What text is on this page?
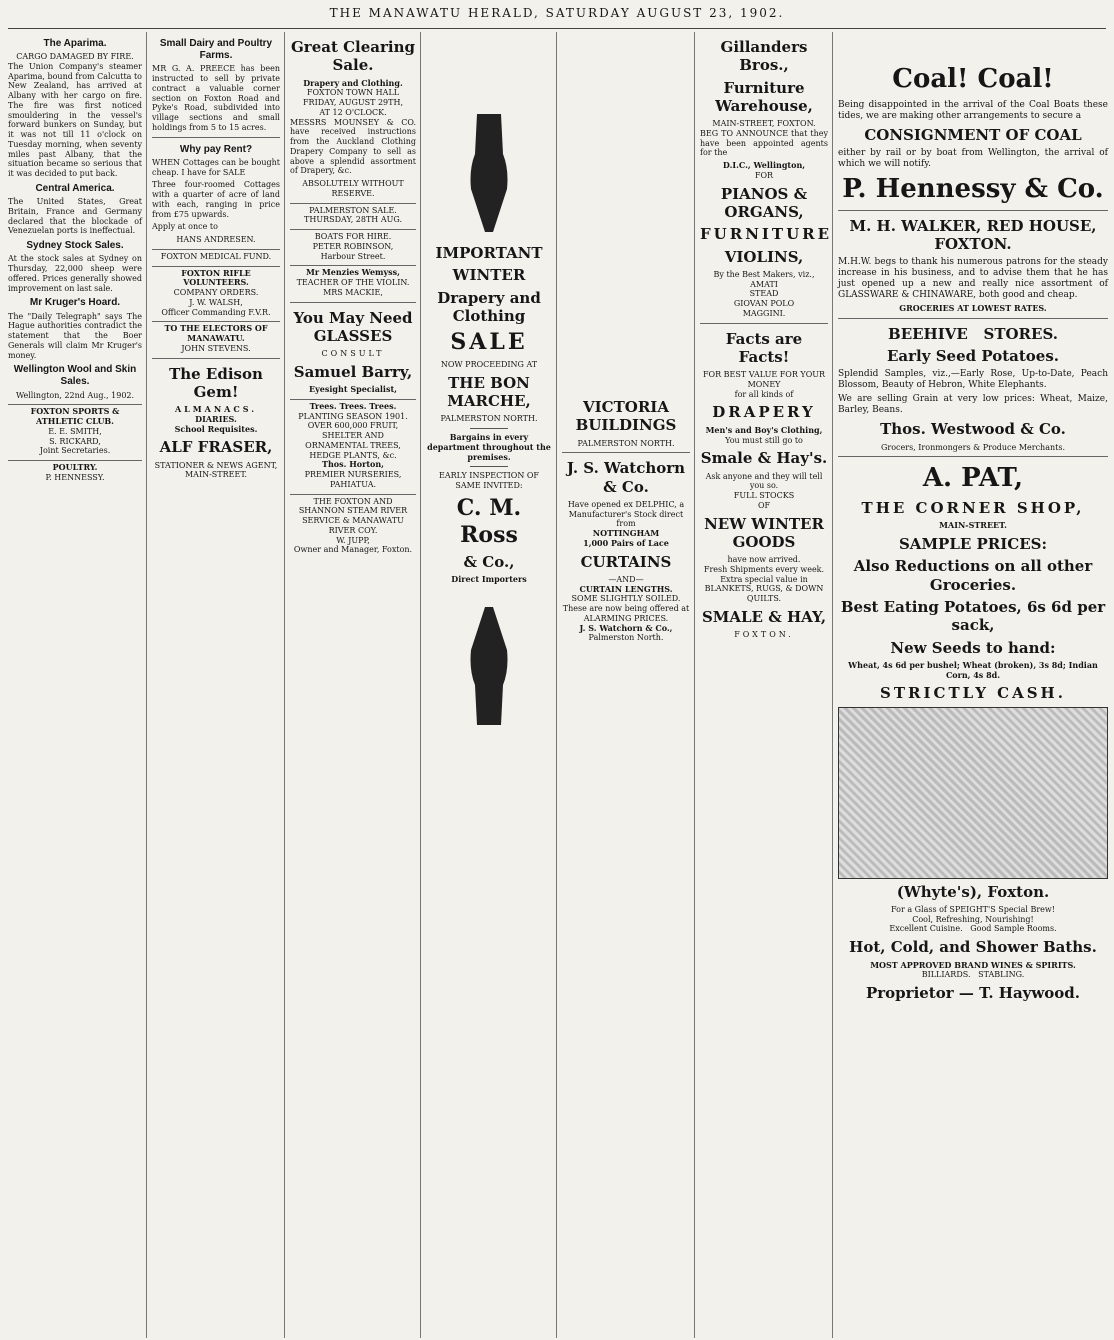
THE MANAWATU HERALD, SATURDAY AUGUST 23, 1902.
The Aparima.
CARGO DAMAGED BY FIRE.

The Union Company's steamer Aparima, bound from Calcutta to New Zealand, has arrived at Albany with her cargo on fire. The fire was first noticed smouldering in the vessel's forward bunkers on Sunday, but it was not till 11 o'clock on Tuesday morning, when seventy miles past Albany, that the situation became so serious that it was decided to put back.

Central America.

The United States, Great Britain, France and Germany declared that the blockade of Venezuelan ports is ineffectual.

Sydney Stock Sales.

At the stock sales at Sydney on Thursday, 22,000 sheep were offered. Prices generally showed improvement on last sale.

Mr Kruger's Hoard.

The "Daily Telegraph" says The Hague authorities contradict the statement that the Boer Generals will claim Mr Kruger's money.

Wellington Wool and Skin Sales.
Wellington, 22nd Aug., 1902.
FOXTON SPORTS & ATHLETIC CLUB.
E. E. SMITH,
S. RICKARD,
Joint Secretaries.
POULTRY.
P. HENNESSY.
Small Dairy and Poultry Farms.

MR G. A. PREECE has been instructed to sell by private contract a valuable corner section on Foxton Road and Pyke's Road, subdivided into village sections and small holdings from 5 to 15 acres.

Why pay Rent?

WHEN Cottages can be bought cheap. I have for SALE

Three four-roomed Cottages with a quarter of acre of land with each, ranging in price from £75 upwards.

Apply at once to

HANS ANDRESEN.
FOXTON MEDICAL FUND.
FOXTON RIFLE VOLUNTEERS.
COMPANY ORDERS.
J. W. WALSH,
Officer Commanding F.V.R.
TO THE ELECTORS OF MANAWATU.
JOHN STEVENS.
The Edison Gem!
ALMANACS.
DIARIES.
School Requisites.
ALF FRASER,
STATIONER & NEWS AGENT,
MAIN-STREET.
Great Clearing Sale.
Drapery and Clothing.
FOXTON TOWN HALL
FRIDAY, AUGUST 29TH,
AT 12 O'CLOCK.

MESSRS MOUNSEY & CO. have received instructions from the Auckland Clothing Drapery Company to sell as above a splendid assortment of Drapery, &c.

ABSOLUTELY WITHOUT RESERVE.
PALMERSTON SALE.
THURSDAY, 28TH AUG.
BOATS FOR HIRE.
PETER ROBINSON,
Harbour Street.
Mr Menzies Wemyss,
TEACHER OF THE VIOLIN.
MRS MACKIE,
You May Need GLASSES
CONSULT
Samuel Barry,
Eyesight Specialist,
Trees. Trees. Trees.
PLANTING SEASON 1901.
OVER 600,000 FRUIT, SHELTER AND ORNAMENTAL TREES, HEDGE PLANTS, &c.
Thos. Horton,
PREMIER NURSERIES, PAHIATUA.
THE FOXTON AND SHANNON STEAM RIVER SERVICE & MANAWATU RIVER COY.
W. JUPP,
Owner and Manager, Foxton.
IMPORTANT
WINTER
Drapery and Clothing
SALE
NOW PROCEEDING AT
THE BON MARCHE,
PALMERSTON NORTH.
Bargains in every department throughout the premises.
EARLY INSPECTION OF SAME INVITED:
C. M. Ross
& Co.,
Direct Importers
VICTORIA BUILDINGS
PALMERSTON NORTH.
J. S. Watchorn & Co.
Have opened ex DELPHIC, a Manufacturer's Stock direct from
NOTTINGHAM
1,000 Pairs of Lace
CURTAINS
—AND—
CURTAIN LENGTHS.
SOME SLIGHTLY SOILED.
These are now being offered at ALARMING PRICES.
J. S. Watchorn & Co.,
Palmerston North.
Gillanders Bros.,
Furniture Warehouse,
MAIN-STREET, FOXTON.

BEG TO ANNOUNCE that they have been appointed agents for the

D.I.C., Wellington,
FOR
PIANOS & ORGANS,
FURNITURE
VIOLINS,
By the Best Makers, viz.,
AMATI
STEAD
GIOVAN POLO
MAGGINI.
Facts are Facts!
FOR BEST VALUE FOR YOUR MONEY
for all kinds of
DRAPERY
Men's and Boy's Clothing,
You must still go to
Smale & Hay's.
Ask anyone and they will tell you so.
FULL STOCKS
OF
NEW WINTER GOODS
have now arrived.
Fresh Shipments every week.
Extra special value in BLANKETS, RUGS, & DOWN QUILTS.
SMALE & HAY,
FOXTON.
Coal! Coal!

Being disappointed in the arrival of the Coal Boats these tides, we are making other arrangements to secure a

CONSIGNMENT OF COAL

either by rail or by boat from Wellington, the arrival of which we will notify.

P. Hennessy & Co.
M. H. WALKER, RED HOUSE, FOXTON.

M.H.W. begs to thank his numerous patrons for the steady increase in his business, and to advise them that he has just opened up a new and really nice assortment of GLASSWARE & CHINAWARE, both good and cheap.

GROCERIES AT LOWEST RATES.
BEEHIVE STORES.
Early Seed Potatoes.

Splendid Samples, viz.,—Early Rose, Up-to-Date, Peach Blossom, Beauty of Hebron, White Elephants.

We are selling Grain at very low prices: Wheat, Maize, Barley, Beans.

Thos. Westwood & Co.
Grocers, Ironmongers & Produce Merchants.
A. PAT,
THE CORNER SHOP,
MAIN-STREET.
SAMPLE PRICES:
Also Reductions on all other Groceries.
Best Eating Potatoes, 6s 6d per sack,
New Seeds to hand:
Wheat, 4s 6d per bushel; Wheat (broken), 3s 8d; Indian Corn, 4s 8d.
STRICTLY CASH.
(Whyte's), Foxton.
For a Glass of SPEIGHT'S Special Brew!
Cool, Refreshing, Nourishing!
Excellent Cuisine. Good Sample Rooms.
Hot, Cold, and Shower Baths.
MOST APPROVED BRAND WINES & SPIRITS.
BILLIARDS. STABLING.
Proprietor — T. Haywood.
